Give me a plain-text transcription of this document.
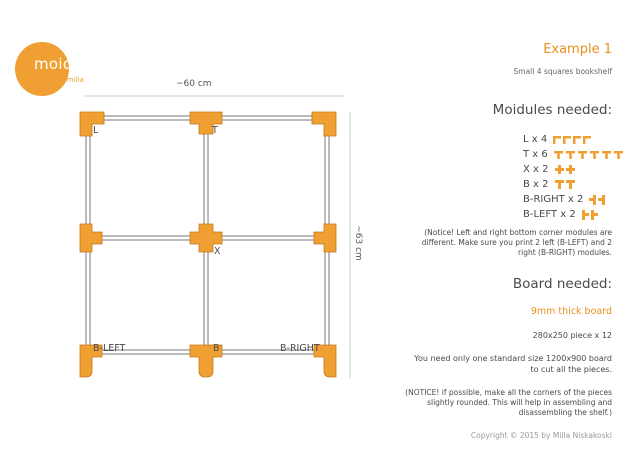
moidules
by milla	~60 cm
~63 cm
L	T
X
B-LEFT	B	B-RIGHT
Example 1
Small 4 squares bookshelf
Moidules needed:
L x 4
T x 6
X x 2
B x 2
B-RIGHT x 2
B-LEFT x 2
(Notice! Left and right bottom corner modules are different. Make sure you print 2 left (B-LEFT) and 2 right (B-RIGHT) modules.
Board needed:
9mm thick board
280x250 piece x 12
You need only one standard size 1200x900 board to cut all the pieces.
(NOTICE! if possible, make all the corners of the pieces slightly rounded. This will help in assembling and disassembling the shelf.)
Copyright © 2015 by Milla Niskakoski
